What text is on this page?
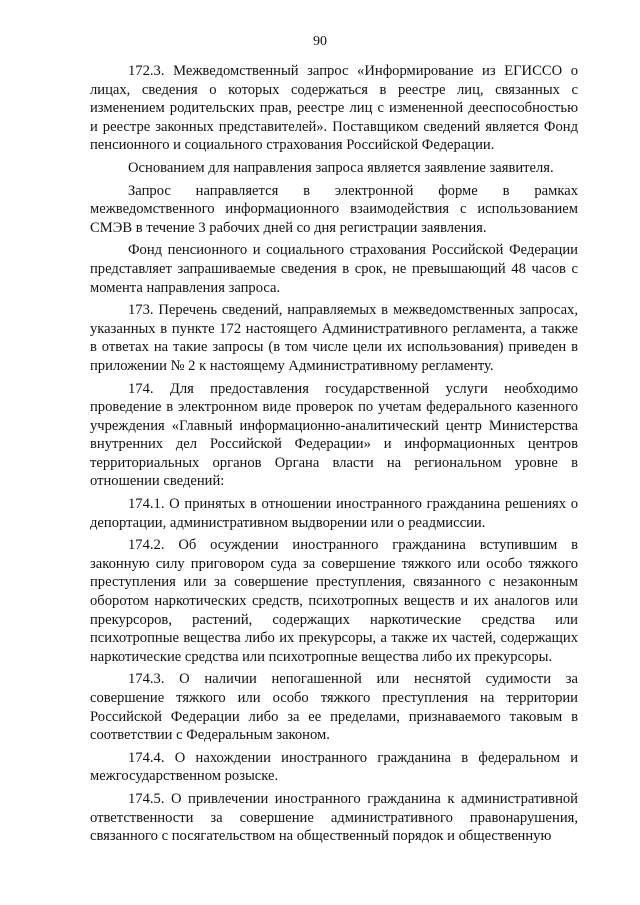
90

172.3. Межведомственный запрос «Информирование из ЕГИССО о лицах, сведения о которых содержаться в реестре лиц, связанных с изменением родительских прав, реестре лиц с измененной дееспособностью и реестре законных представителей». Поставщиком сведений является Фонд пенсионного и социального страхования Российской Федерации.

Основанием для направления запроса является заявление заявителя.

Запрос направляется в электронной форме в рамках межведомственного информационного взаимодействия с использованием СМЭВ в течение 3 рабочих дней со дня регистрации заявления.

Фонд пенсионного и социального страхования Российской Федерации представляет запрашиваемые сведения в срок, не превышающий 48 часов с момента направления запроса.

173. Перечень сведений, направляемых в межведомственных запросах, указанных в пункте 172 настоящего Административного регламента, а также в ответах на такие запросы (в том числе цели их использования) приведен в приложении № 2 к настоящему Административному регламенту.

174. Для предоставления государственной услуги необходимо проведение в электронном виде проверок по учетам федерального казенного учреждения «Главный информационно-аналитический центр Министерства внутренних дел Российской Федерации» и информационных центров территориальных органов Органа власти на региональном уровне в отношении сведений:

174.1. О принятых в отношении иностранного гражданина решениях о депортации, административном выдворении или о реадмиссии.

174.2. Об осуждении иностранного гражданина вступившим в законную силу приговором суда за совершение тяжкого или особо тяжкого преступления или за совершение преступления, связанного с незаконным оборотом наркотических средств, психотропных веществ и их аналогов или прекурсоров, растений, содержащих наркотические средства или психотропные вещества либо их прекурсоры, а также их частей, содержащих наркотические средства или психотропные вещества либо их прекурсоры.

174.3. О наличии непогашенной или неснятой судимости за совершение тяжкого или особо тяжкого преступления на территории Российской Федерации либо за ее пределами, признаваемого таковым в соответствии с Федеральным законом.

174.4. О нахождении иностранного гражданина в федеральном и межгосударственном розыске.

174.5. О привлечении иностранного гражданина к административной ответственности за совершение административного правонарушения, связанного с посягательством на общественный порядок и общественную
